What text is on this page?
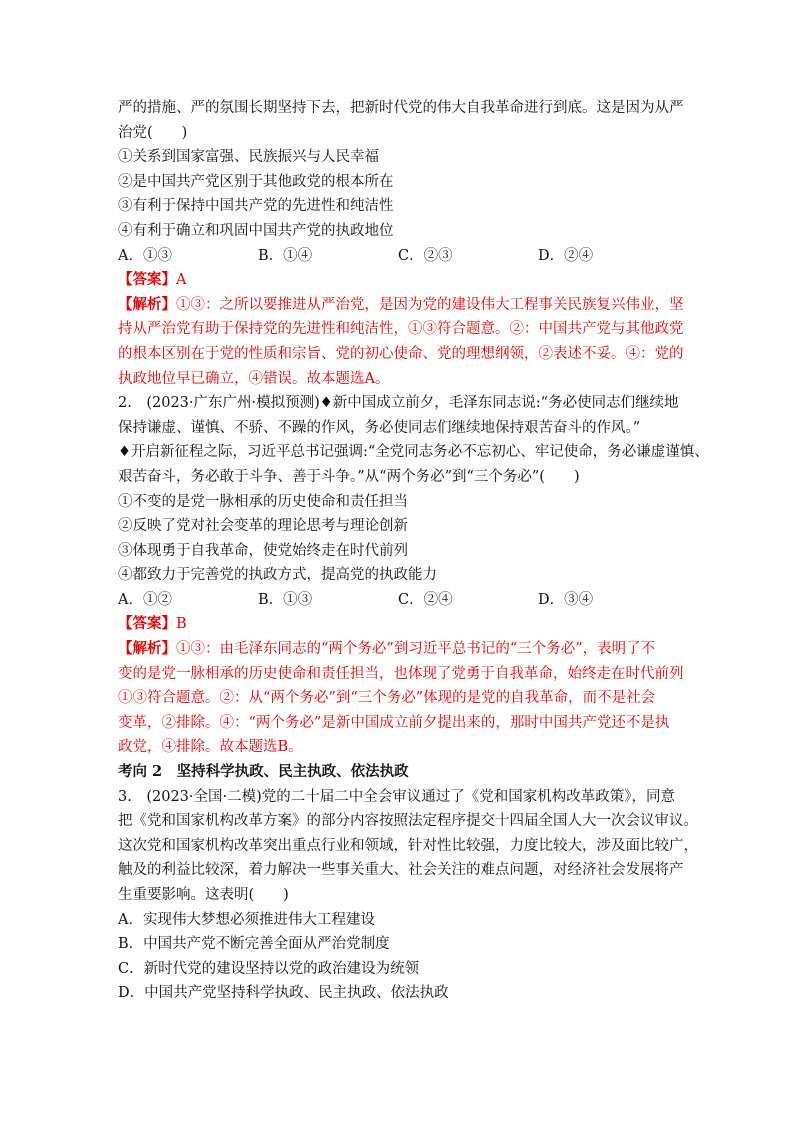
严的措施、严的氛围长期坚持下去，把新时代党的伟大自我革命进行到底。这是因为从严
治党(　　)
①关系到国家富强、民族振兴与人民幸福
②是中国共产党区别于其他政党的根本所在
③有利于保持中国共产党的先进性和纯洁性
④有利于确立和巩固中国共产党的执政地位
A．①③	B．①④	C．②③	D．②④
【答案】A
【解析】①③：之所以要推进从严治党，是因为党的建设伟大工程事关民族复兴伟业，坚
持从严治党有助于保持党的先进性和纯洁性，①③符合题意。②：中国共产党与其他政党
的根本区别在于党的性质和宗旨、党的初心使命、党的理想纲领，②表述不妥。④：党的
执政地位早已确立，④错误。故本题选A。
2.　(2023·广东广州·模拟预测)♦新中国成立前夕，毛泽东同志说:“务必使同志们继续地
保持谦虚、谨慎、不骄、不躁的作风，务必使同志们继续地保持艰苦奋斗的作风。”
♦开启新征程之际，习近平总书记强调:“全党同志务必不忘初心、牢记使命，务必谦虚谨慎、
艰苦奋斗，务必敢于斗争、善于斗争。”从“两个务必”到“三个务必”(　　)
①不变的是党一脉相承的历史使命和责任担当
②反映了党对社会变革的理论思考与理论创新
③体现勇于自我革命，使党始终走在时代前列
④都致力于完善党的执政方式，提高党的执政能力
A．①②	B．①③	C．②④	D．③④
【答案】B
【解析】①③：由毛泽东同志的“两个务必”到习近平总书记的“三个务必”，表明了不
变的是党一脉相承的历史使命和责任担当，也体现了党勇于自我革命，始终走在时代前列
①③符合题意。②：从“两个务必”到“三个务必”体现的是党的自我革命，而不是社会
变革，②排除。④：“两个务必”是新中国成立前夕提出来的，那时中国共产党还不是执
政党，④排除。故本题选B。
考向 2　坚持科学执政、民主执政、依法执政
3.　(2023·全国·二模)党的二十届二中全会审议通过了《党和国家机构改革政策》，同意
把《党和国家机构改革方案》的部分内容按照法定程序提交十四届全国人大一次会议审议。
这次党和国家机构改革突出重点行业和领域，针对性比较强，力度比较大，涉及面比较广，
触及的利益比较深，着力解决一些事关重大、社会关注的难点问题，对经济社会发展将产
生重要影响。这表明(　　)
A．实现伟大梦想必须推进伟大工程建设
B．中国共产党不断完善全面从严治党制度
C．新时代党的建设坚持以党的政治建设为统领
D．中国共产党坚持科学执政、民主执政、依法执政
